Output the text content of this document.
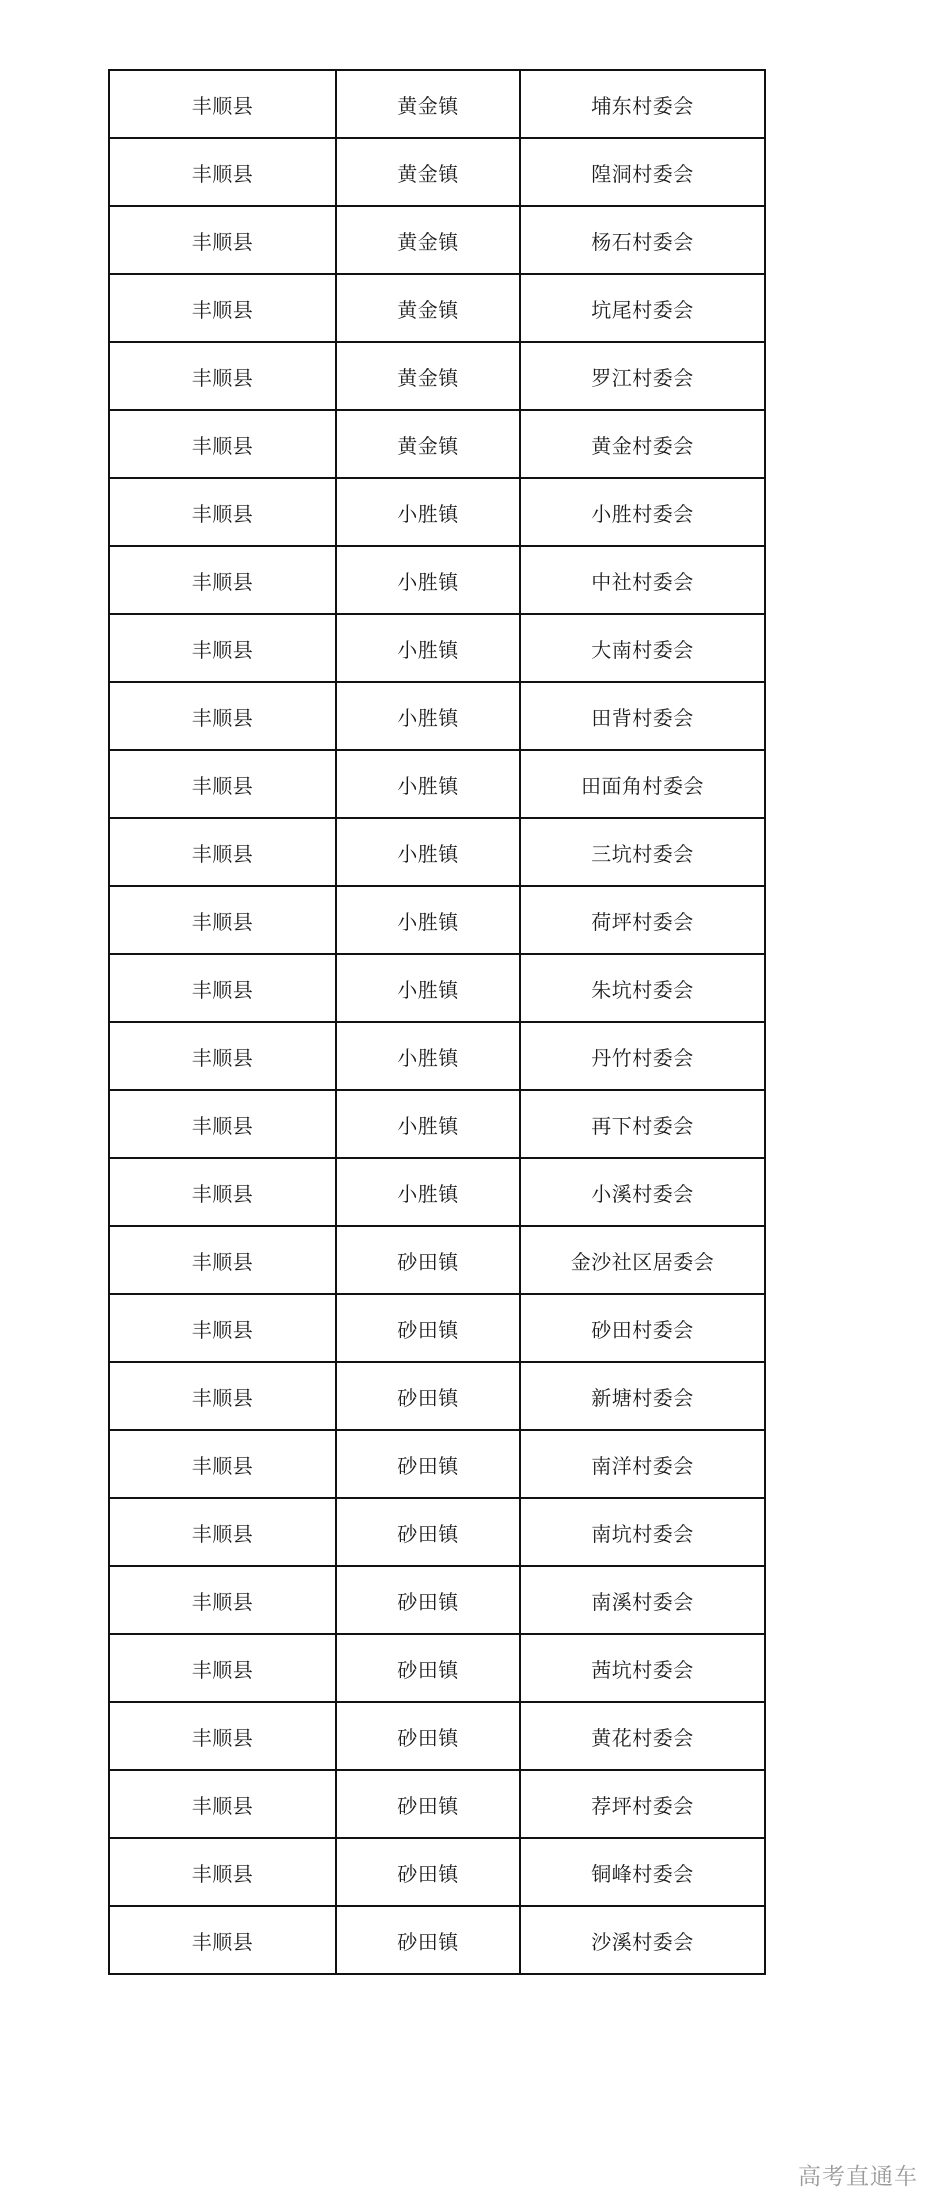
丰顺县	黄金镇	埔东村委会
丰顺县	黄金镇	隍洞村委会
丰顺县	黄金镇	杨石村委会
丰顺县	黄金镇	坑尾村委会
丰顺县	黄金镇	罗江村委会
丰顺县	黄金镇	黄金村委会
丰顺县	小胜镇	小胜村委会
丰顺县	小胜镇	中社村委会
丰顺县	小胜镇	大南村委会
丰顺县	小胜镇	田背村委会
丰顺县	小胜镇	田面角村委会
丰顺县	小胜镇	三坑村委会
丰顺县	小胜镇	荷坪村委会
丰顺县	小胜镇	朱坑村委会
丰顺县	小胜镇	丹竹村委会
丰顺县	小胜镇	再下村委会
丰顺县	小胜镇	小溪村委会
丰顺县	砂田镇	金沙社区居委会
丰顺县	砂田镇	砂田村委会
丰顺县	砂田镇	新塘村委会
丰顺县	砂田镇	南洋村委会
丰顺县	砂田镇	南坑村委会
丰顺县	砂田镇	南溪村委会
丰顺县	砂田镇	茜坑村委会
丰顺县	砂田镇	黄花村委会
丰顺县	砂田镇	荐坪村委会
丰顺县	砂田镇	铜峰村委会
丰顺县	砂田镇	沙溪村委会
高考直通车
